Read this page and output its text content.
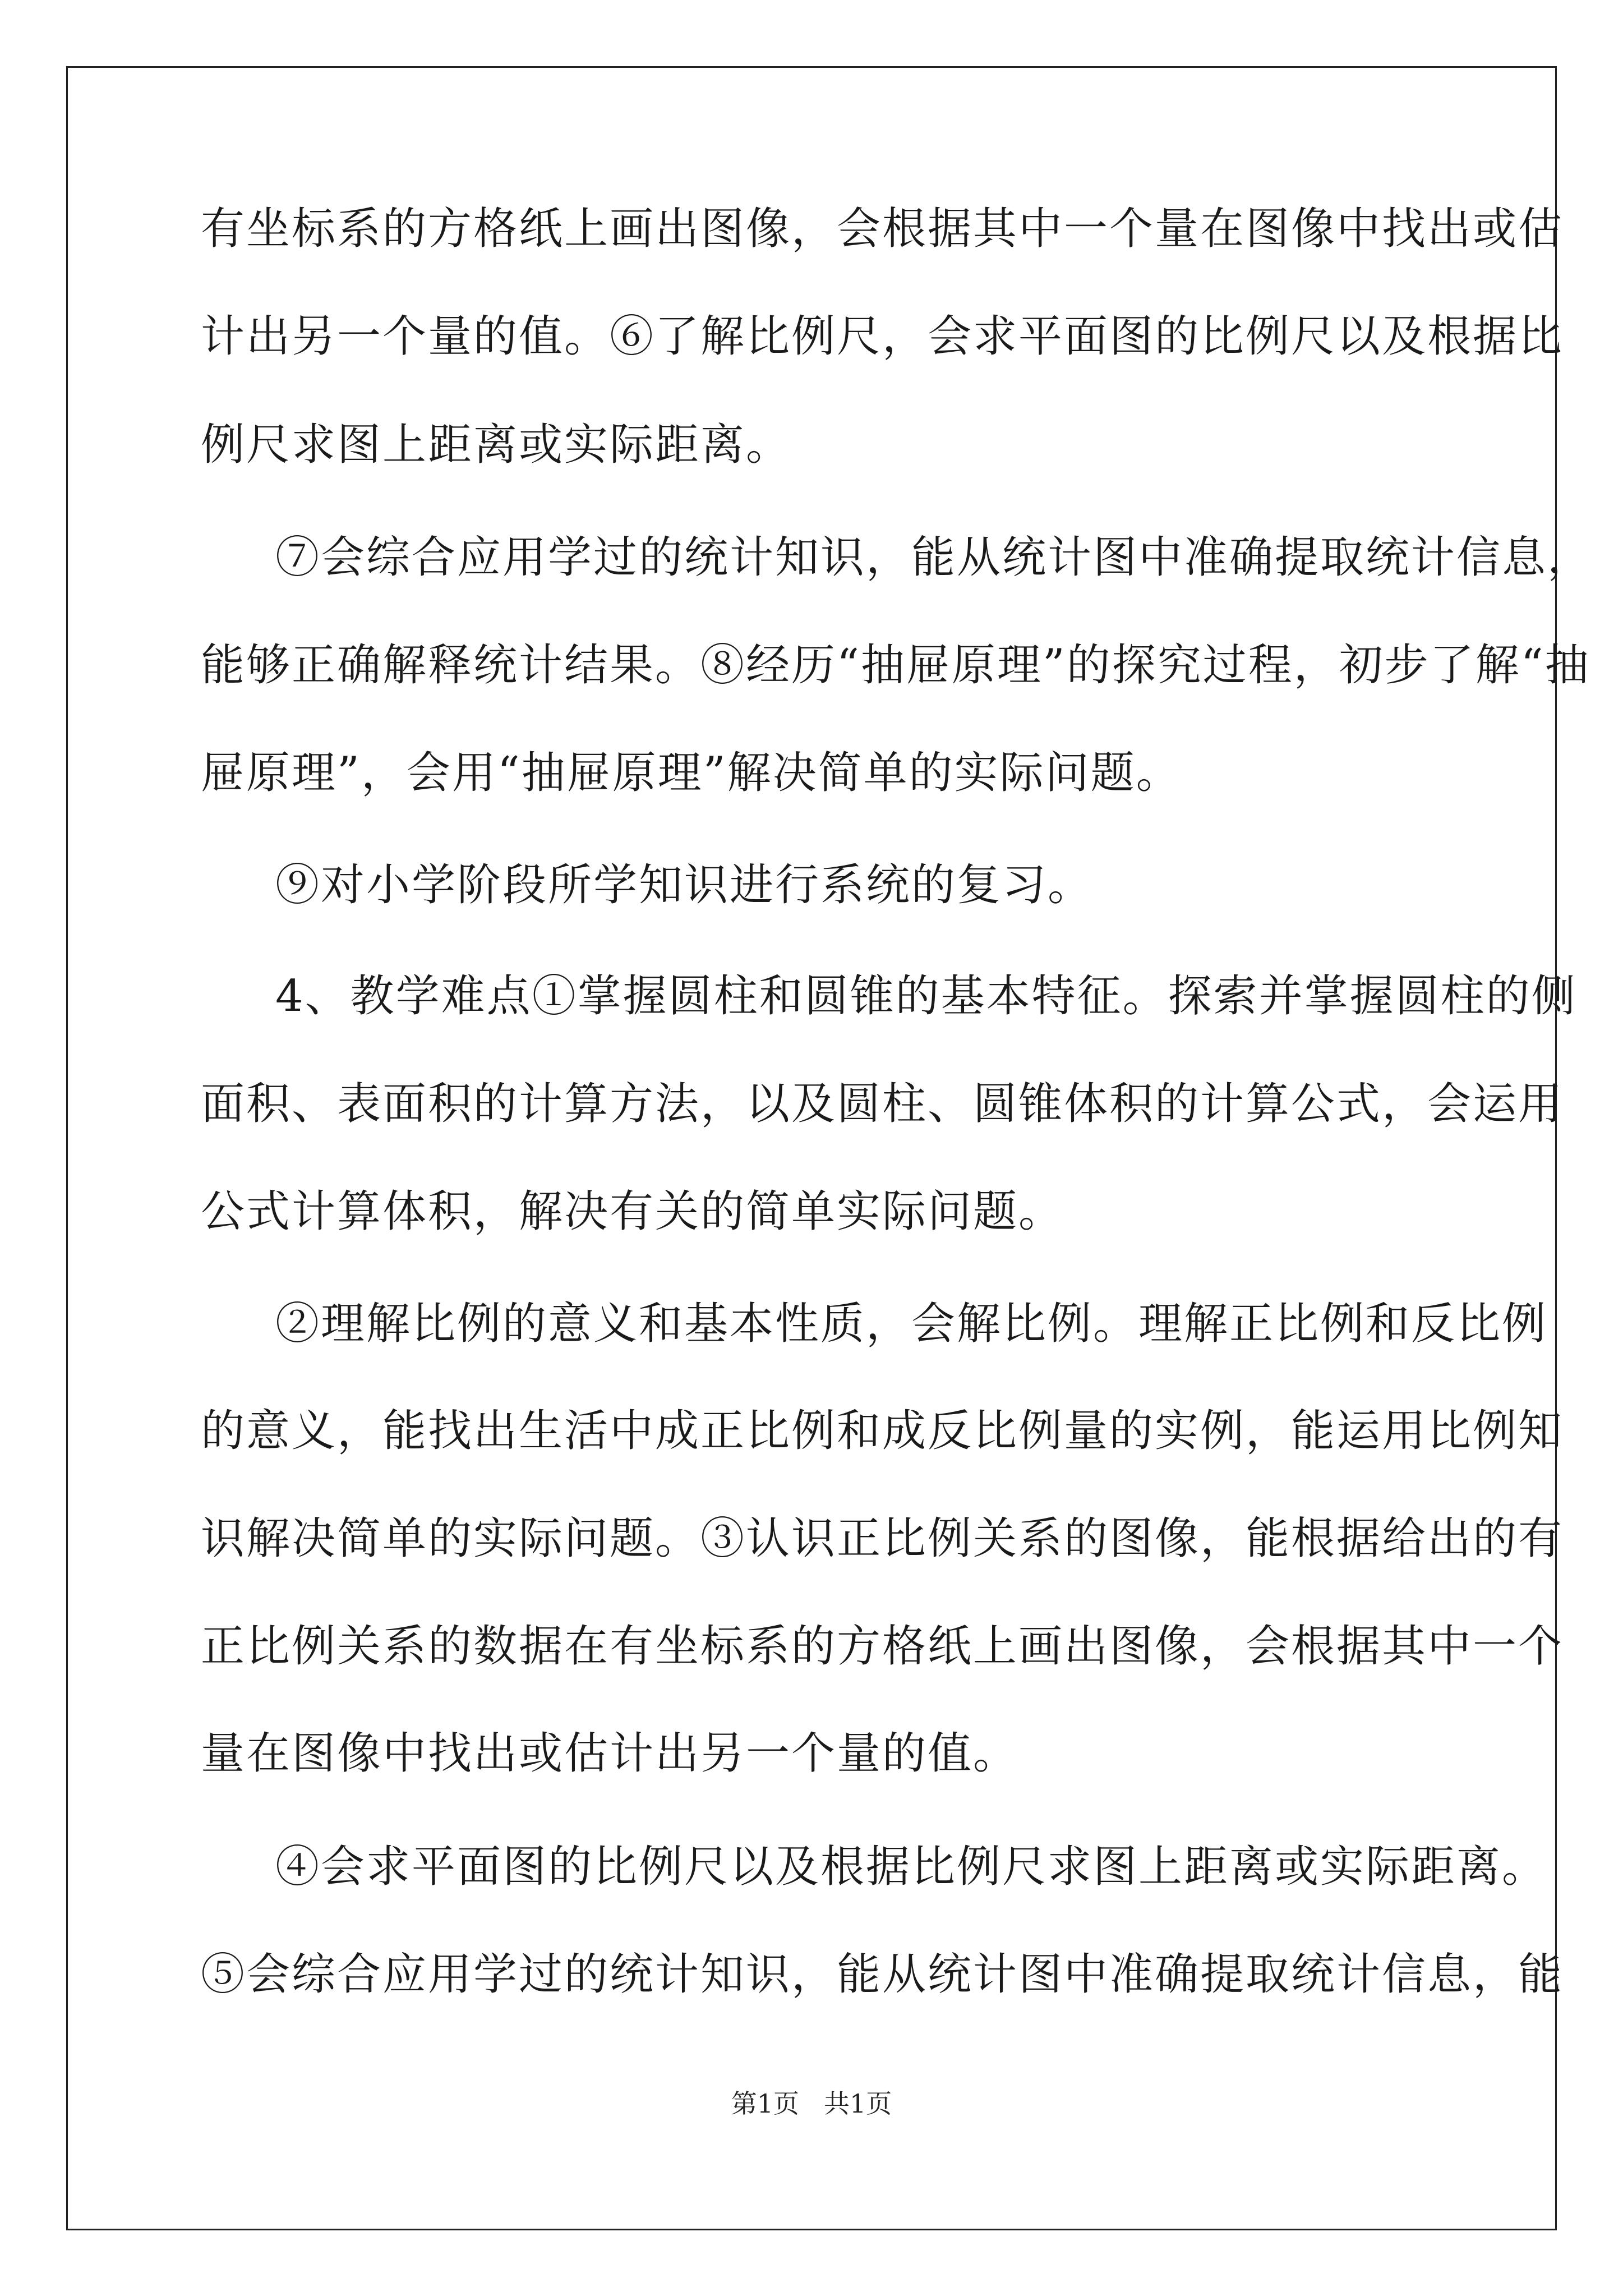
有坐标系的方格纸上画出图像，会根据其中一个量在图像中找出或估
计出另一个量的值。⑥了解比例尺，会求平面图的比例尺以及根据比
例尺求图上距离或实际距离。
⑦会综合应用学过的统计知识，能从统计图中准确提取统计信息，
能够正确解释统计结果。⑧经历“抽屉原理”的探究过程，初步了解“抽
屉原理”，会用“抽屉原理”解决简单的实际问题。
⑨对小学阶段所学知识进行系统的复习。
4、教学难点①掌握圆柱和圆锥的基本特征。探索并掌握圆柱的侧
面积、表面积的计算方法，以及圆柱、圆锥体积的计算公式，会运用
公式计算体积，解决有关的简单实际问题。
②理解比例的意义和基本性质，会解比例。理解正比例和反比例
的意义，能找出生活中成正比例和成反比例量的实例，能运用比例知
识解决简单的实际问题。③认识正比例关系的图像，能根据给出的有
正比例关系的数据在有坐标系的方格纸上画出图像，会根据其中一个
量在图像中找出或估计出另一个量的值。
④会求平面图的比例尺以及根据比例尺求图上距离或实际距离。
⑤会综合应用学过的统计知识，能从统计图中准确提取统计信息，能
第1页 共1页
